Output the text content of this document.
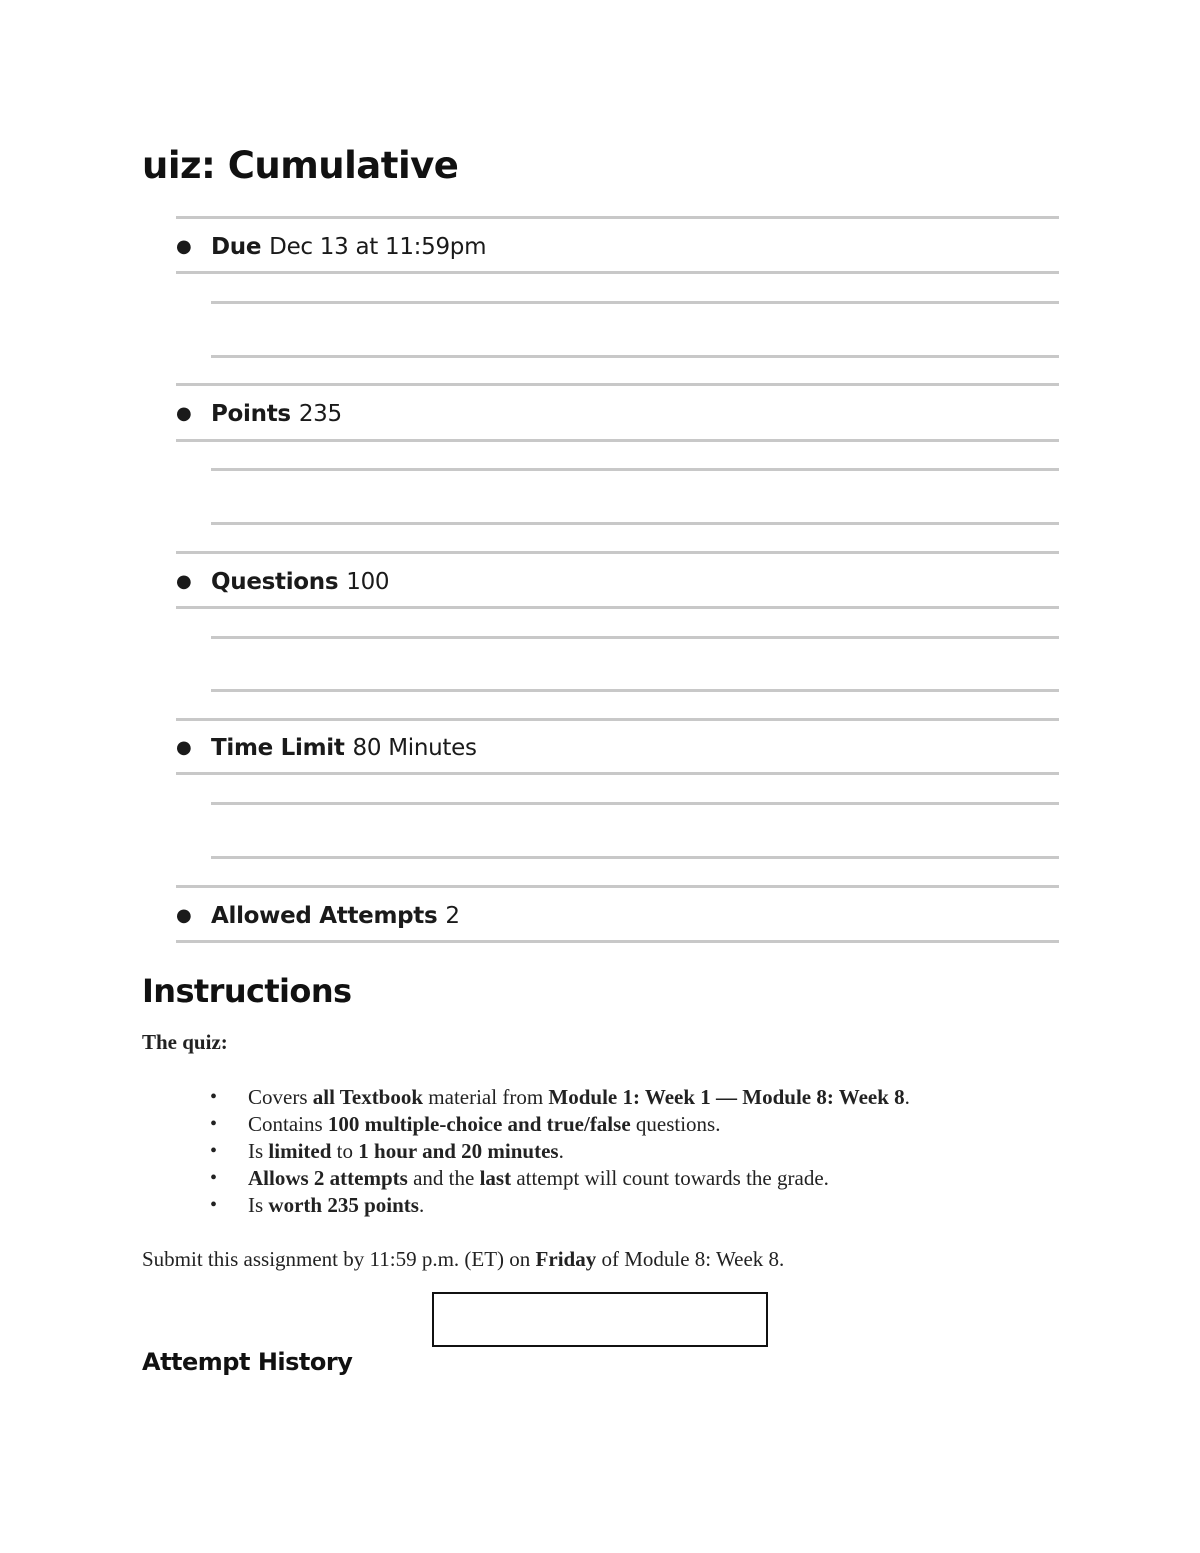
uiz: Cumulative
● Due Dec 13 at 11:59pm
● Points 235
● Questions 100
● Time Limit 80 Minutes
● Allowed Attempts 2
Instructions
The quiz:
• Covers all Textbook material from Module 1: Week 1 — Module 8: Week 8.
• Contains 100 multiple-choice and true/false questions.
• Is limited to 1 hour and 20 minutes.
• Allows 2 attempts and the last attempt will count towards the grade.
• Is worth 235 points.
Submit this assignment by 11:59 p.m. (ET) on Friday of Module 8: Week 8.
Attempt History
